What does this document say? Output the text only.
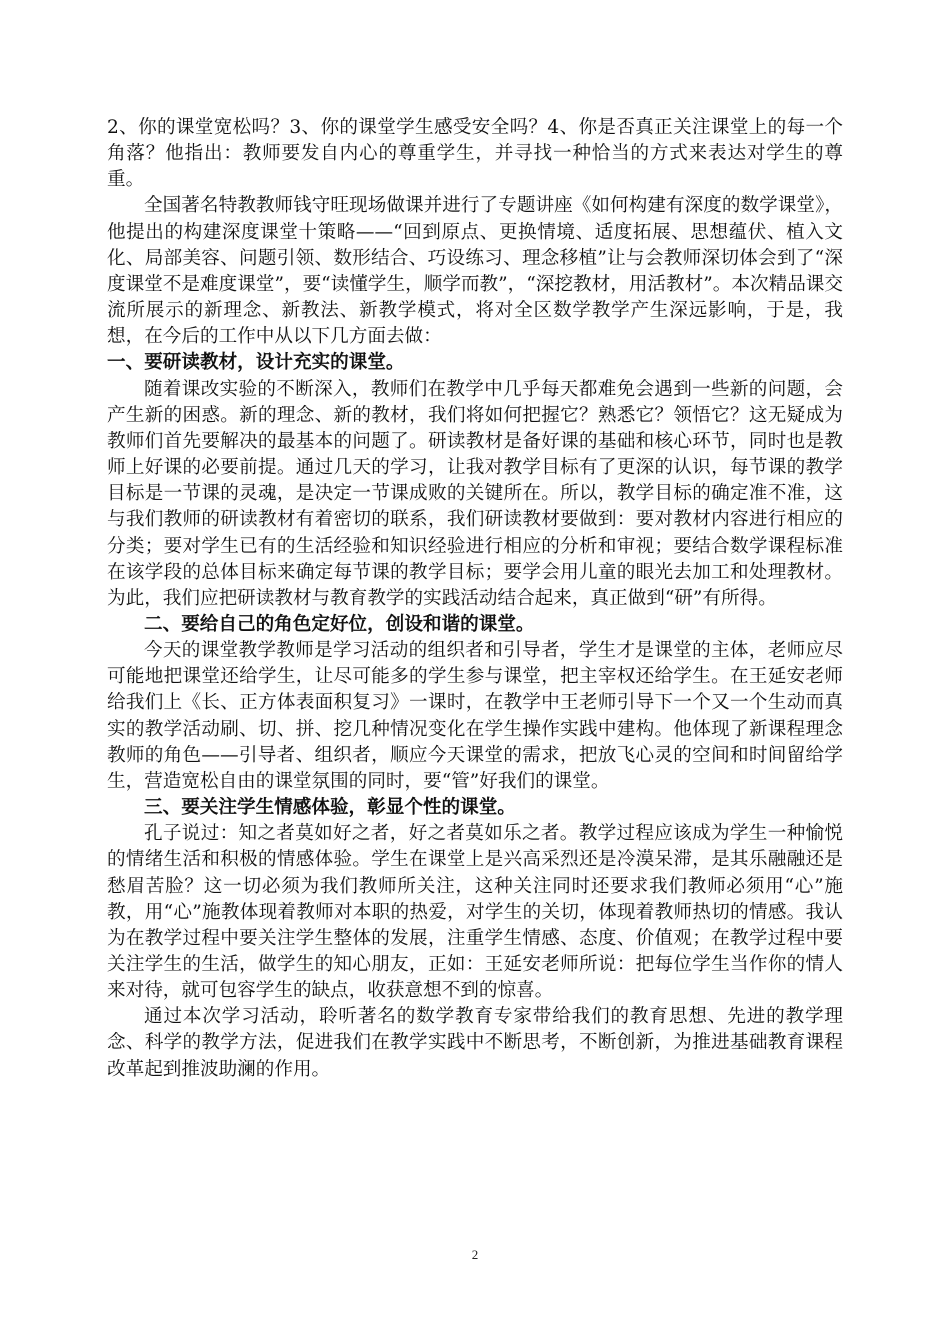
2、你的课堂宽松吗？3、你的课堂学生感受安全吗？4、你是否真正关注课堂上的每一个角落？他指出：教师要发自内心的尊重学生，并寻找一种恰当的方式来表达对学生的尊重。

全国著名特教教师钱守旺现场做课并进行了专题讲座《如何构建有深度的数学课堂》，他提出的构建深度课堂十策略——“回到原点、更换情境、适度拓展、思想蕴伏、植入文化、局部美容、问题引领、数形结合、巧设练习、理念移植”让与会教师深切体会到了“深度课堂不是难度课堂”，要“读懂学生，顺学而教”，“深挖教材，用活教材”。本次精品课交流所展示的新理念、新教法、新教学模式，将对全区数学教学产生深远影响，于是，我想，在今后的工作中从以下几方面去做：

一、要研读教材，设计充实的课堂。

随着课改实验的不断深入，教师们在教学中几乎每天都难免会遇到一些新的问题，会产生新的困惑。新的理念、新的教材，我们将如何把握它？熟悉它？领悟它？这无疑成为教师们首先要解决的最基本的问题了。研读教材是备好课的基础和核心环节，同时也是教师上好课的必要前提。通过几天的学习，让我对教学目标有了更深的认识，每节课的教学目标是一节课的灵魂，是决定一节课成败的关键所在。所以，教学目标的确定准不准，这与我们教师的研读教材有着密切的联系，我们研读教材要做到：要对教材内容进行相应的分类；要对学生已有的生活经验和知识经验进行相应的分析和审视；要结合数学课程标准在该学段的总体目标来确定每节课的教学目标；要学会用儿童的眼光去加工和处理教材。为此，我们应把研读教材与教育教学的实践活动结合起来，真正做到“研”有所得。

二、要给自己的角色定好位，创设和谐的课堂。

今天的课堂教学教师是学习活动的组织者和引导者，学生才是课堂的主体，老师应尽可能地把课堂还给学生，让尽可能多的学生参与课堂，把主宰权还给学生。在王延安老师给我们上《长、正方体表面积复习》一课时，在教学中王老师引导下一个又一个生动而真实的教学活动刷、切、拼、挖几种情况变化在学生操作实践中建构。他体现了新课程理念教师的角色——引导者、组织者，顺应今天课堂的需求，把放飞心灵的空间和时间留给学生，营造宽松自由的课堂氛围的同时，要“管”好我们的课堂。

三、要关注学生情感体验，彰显个性的课堂。

孔子说过：知之者莫如好之者，好之者莫如乐之者。教学过程应该成为学生一种愉悦的情绪生活和积极的情感体验。学生在课堂上是兴高采烈还是冷漠呆滞，是其乐融融还是愁眉苦脸？这一切必须为我们教师所关注，这种关注同时还要求我们教师必须用“心”施教，用“心”施教体现着教师对本职的热爱，对学生的关切，体现着教师热切的情感。我认为在教学过程中要关注学生整体的发展，注重学生情感、态度、价值观；在教学过程中要关注学生的生活，做学生的知心朋友，正如：王延安老师所说：把每位学生当作你的情人来对待，就可包容学生的缺点，收获意想不到的惊喜。

通过本次学习活动，聆听著名的数学教育专家带给我们的教育思想、先进的教学理念、科学的教学方法，促进我们在教学实践中不断思考，不断创新，为推进基础教育课程改革起到推波助澜的作用。

2
